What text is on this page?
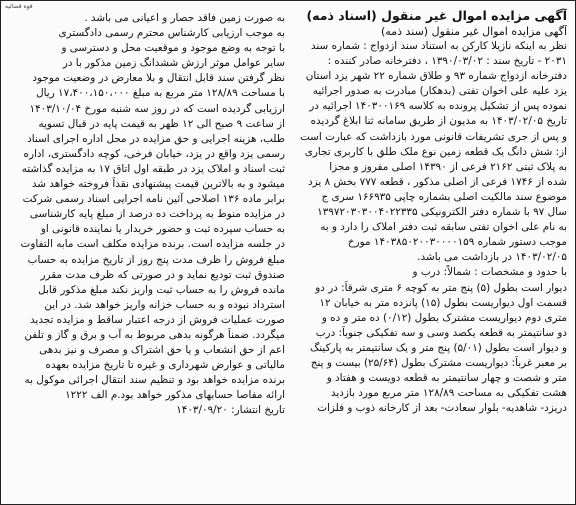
قوه قضائیه

آگهی مزایده اموال غیر منقول (اسناد ذمه)

آگهی مزایده اموال غیر منقول (سند ذمه)

نظر به اینکه نازیلا کارکن به استناد سند ازدواج : شماره سند

۲۰۳۱ - تاریخ سند : ۱۳۹۰/۰۳/۰۲ ، دفترخانه صادر کننده :

دفترخانه ازدواج شماره ۹۳ و طلاق شماره ۲۲ شهر یزد استان

یزد علیه علی اخوان تفتی (بدهکار) مبادرت به صدور اجرائیه

نموده پس از تشکیل پرونده به کلاسه ۱۴۰۳۰۰۱۶۹ اجرائیه در

تاریخ ۱۴۰۳/۰۲/۰۵ به مدیون از طریق سامانه ثنا ابلاغ گردیده

و پس از جری تشریفات قانونی مورد بازداشت که عبارت است

از: شش دانگ یک قطعه زمین نوع ملک طلق با کاربری تجاری

به پلاک ثبتی ۲۱۶۲ فرعی از ۱۴۳۹۰ اصلی مفروز و مجزا

شده از ۱۷۴۶ فرعی از اصلی مذکور ، قطعه ۷۷۷ بخش ۸ یزد

موضوع سند مالکیت اصلی بشماره چاپی ۱۶۶۹۳۵ سری ج

سال ۹۷ با شماره دفتر الکترونیکی ۱۳۹۷۲۰۳۰۳۰۰۴۰۲۲۳۳۵

به نام علی اخوان تفتی سابقه ثبت دفتر املاک را دارد و به

موجب دستور شماره ۱۴۰۳۸۵۰۲۰۰۳۰۰۰۰۱۵۹ مورخ

۱۴۰۳/۰۲/۰۵ در بازداشت می باشد.

با حدود و مشخصات : شمالاً: درب و

دیوار است بطول (۵) پنج متر به کوچه ۶ متری شرقاً: در دو

قسمت اول دیواریست بطول (۱۵) پانزده متر به خیابان ۱۲

متری دوم دیواریست مشترک بطول (۰/۱۲) ده متر و ده و

دو سانتیمتر به قطعه یکصد وسی و سه تفکیکی جنوباً: درب

و دیوار است بطول (۵/۰۱) پنج متر و یک سانتیمتر به پارکینگ

بر معبر غرباً: دیواریست مشترک بطول (۲۵/۶۴) بیست و پنج

متر و شصت و چهار سانتیمتر به قطعه دویست و هفتاد و

هشت تفکیکی به مساحت ۱۲۸/۸۹ متر مربع مورد بازدید

دریزد- شاهدیه- بلوار سعادت- بعد از کارخانه ذوب و فلزات

به صورت زمین فاقد حصار و اعیانی می باشد .

به موجب ارزیابی کارشناس محترم رسمی دادگستری

با توجه به وضع موجود و موقعیت محل و دسترسی و

سایر عوامل موثر ارزش ششدانگ زمین مذکور با در

نظر گرفتن سند قابل انتقال و بلا معارض در وضعیت موجود

با مساحت ۱۲۸/۸۹ متر مربع به مبلغ ۱۷،۴۰۰،۱۵۰،۰۰۰ ریال

ارزیابی گردیده است که در روز سه شنبه مورخ ۱۴۰۳/۱۰/۰۴

از ساعت ۹ صبح الی ۱۲ ظهر به قیمت پایه در قبال تسویه

طلب، هزینه اجرایی و حق مزایده در محل اداره اجرای اسناد

رسمی یزد واقع در یزد، خیابان فرخی، کوچه دادگستری، اداره

ثبت اسناد و املاک یزد در طبقه اول اتاق ۱۷ به مزایده گذاشته

میشود و به بالاترین قیمت پیشنهادی نقداً فروخته خواهد شد

برابر ماده ۱۳۶ اصلاحی آئین نامه اجرایی اسناد رسمی شرکت

در مزایده منوط به پرداخت ده درصد از مبلغ پایه کارشناسی

به حساب سپرده ثبت و حضور خریدار یا نماینده قانونی او

در جلسه مزایده است. برنده مزایده مکلف است مابه التفاوت

مبلغ فروش را ظرف مدت پنج روز از تاریخ مزایده به حساب

صندوق ثبت تودیع نماید و در صورتی که ظرف مدت مقرر

مانده فروش را به حساب ثبت واریز نکند مبلغ مذکور قابل

استرداد نبوده و به حساب خزانه واریز خواهد شد. در این

صورت عملیات فروش از درجه اعتبار ساقط و مزایده تجدید

میگردد. ضمناً هرگونه بدهی مربوط به آب و برق و گاز و تلفن

اعم از حق انشعاب و یا حق اشتراک و مصرف و نیز بدهی

مالیاتی و عوارض شهرداری و غیره تا تاریخ مزایده بعهده

برنده مزایده خواهد بود و تنظیم سند انتقال اجرائی موکول به

ارائه مفاصا حسابهای مذکور خواهد بود.م الف ۱۲۲۲

تاریخ انتشار: ۱۴۰۳/۰۹/۲۰
